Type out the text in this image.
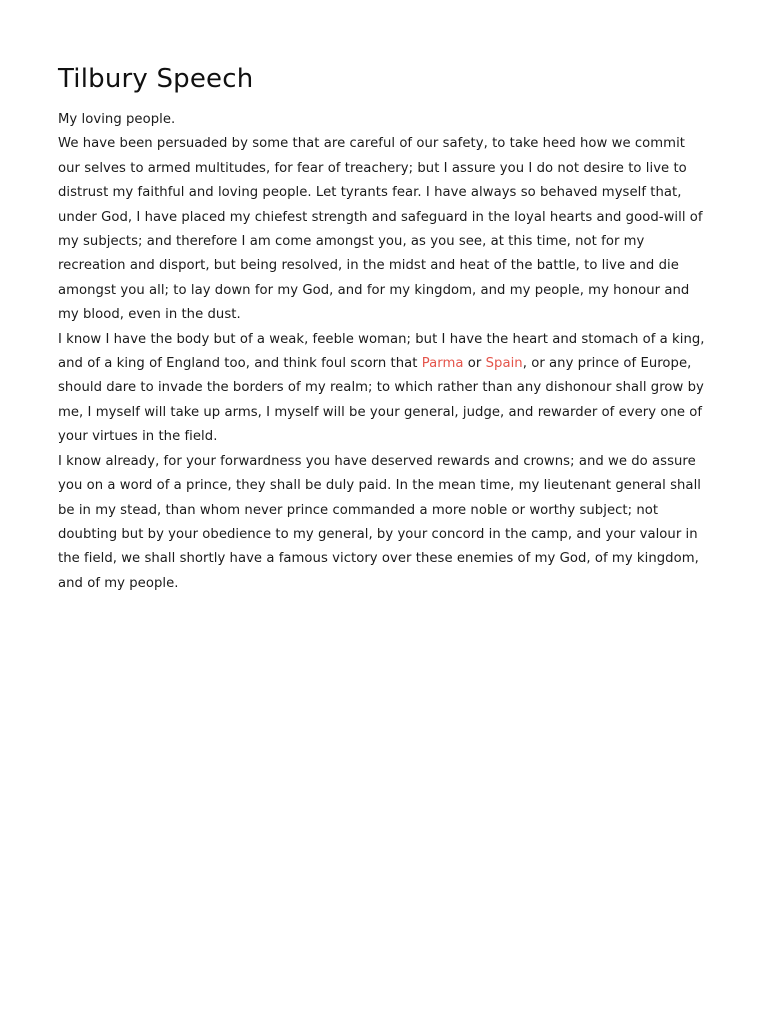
Tilbury Speech

My loving people.

We have been persuaded by some that are careful of our safety, to take heed how we commit our selves to armed multitudes, for fear of treachery; but I assure you I do not desire to live to distrust my faithful and loving people. Let tyrants fear. I have always so behaved myself that, under God, I have placed my chiefest strength and safeguard in the loyal hearts and good-will of my subjects; and therefore I am come amongst you, as you see, at this time, not for my recreation and disport, but being resolved, in the midst and heat of the battle, to live and die amongst you all; to lay down for my God, and for my kingdom, and my people, my honour and my blood, even in the dust.

I know I have the body but of a weak, feeble woman; but I have the heart and stomach of a king, and of a king of England too, and think foul scorn that Parma or Spain, or any prince of Europe, should dare to invade the borders of my realm; to which rather than any dishonour shall grow by me, I myself will take up arms, I myself will be your general, judge, and rewarder of every one of your virtues in the field.

I know already, for your forwardness you have deserved rewards and crowns; and we do assure you on a word of a prince, they shall be duly paid. In the mean time, my lieutenant general shall be in my stead, than whom never prince commanded a more noble or worthy subject; not doubting but by your obedience to my general, by your concord in the camp, and your valour in the field, we shall shortly have a famous victory over these enemies of my God, of my kingdom, and of my people.
